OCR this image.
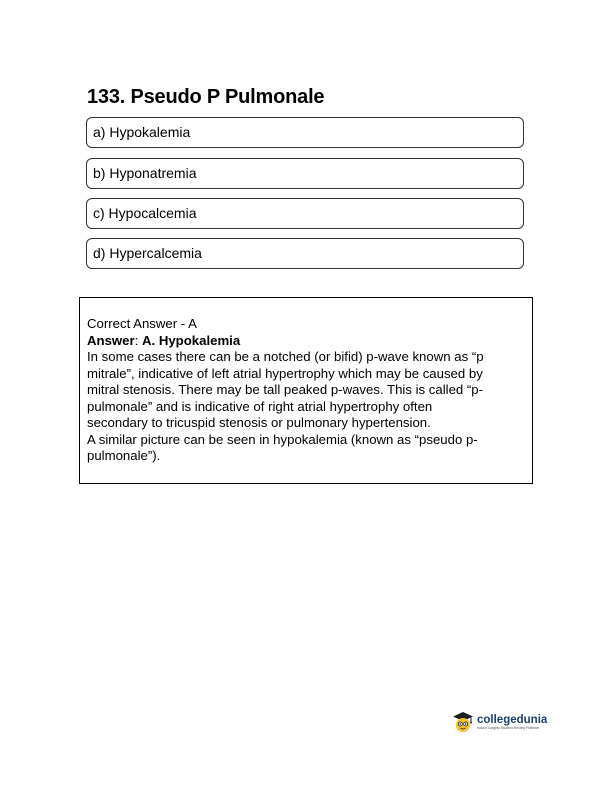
133. Pseudo P Pulmonale
a) Hypokalemia
b) Hyponatremia
c) Hypocalcemia
d) Hypercalcemia

Correct Answer - A

Answer: A. Hypokalemia

In some cases there can be a notched (or bifid) p-wave known as “p

mitrale”, indicative of left atrial hypertrophy which may be caused by

mitral stenosis. There may be tall peaked p-waves. This is called “p-

pulmonale” and is indicative of right atrial hypertrophy often

secondary to tricuspid stenosis or pulmonary hypertension.

A similar picture can be seen in hypokalemia (known as “pseudo p-

pulmonale”).

collegedunia
India's Largest Student Review Platform
